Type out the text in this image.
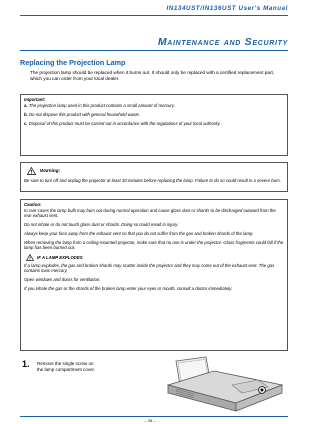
IN134UST/IN136UST User's Manual
Maintenance and Security
Replacing the Projection Lamp
The projection lamp should be replaced when it burns out. It should only be replaced with a certified replacement part, which you can order from your local dealer.
Important:

a. The projection lamp used in this product contains a small amount of mercury.

b. Do not dispose this product with general household waste.

c. Disposal of this product must be carried out in accordance with the regulations of your local authority.

Warning:

Be sure to turn off and unplug the projector at least 30 minutes before replacing the lamp. Failure to do so could result in a severe burn.

Caution:

In rare cases the lamp bulb may burn out during normal operation and cause glass dust or shards to be discharged outward from the rear exhaust vent.

Do not inhale or do not touch glass dust or shards. Doing so could result in injury.

Always keep your face away from the exhaust vent so that you do not suffer from the gas and broken shards of the lamp.

When removing the lamp from a ceiling-mounted projector, make sure that no one is under the projector. Glass fragments could fall if the lamp has been burned out.

IF A LAMP EXPLODES

If a lamp explodes, the gas and broken shards may scatter inside the projector and they may come out of the exhaust vent. The gas contains toxic mercury.

Open windows and doors for ventilation.

If you inhale the gas or the shards of the broken lamp enter your eyes or mouth, consult a doctor immediately.

1. Remove the single screw on the lamp compartment cover.
– 39 –
